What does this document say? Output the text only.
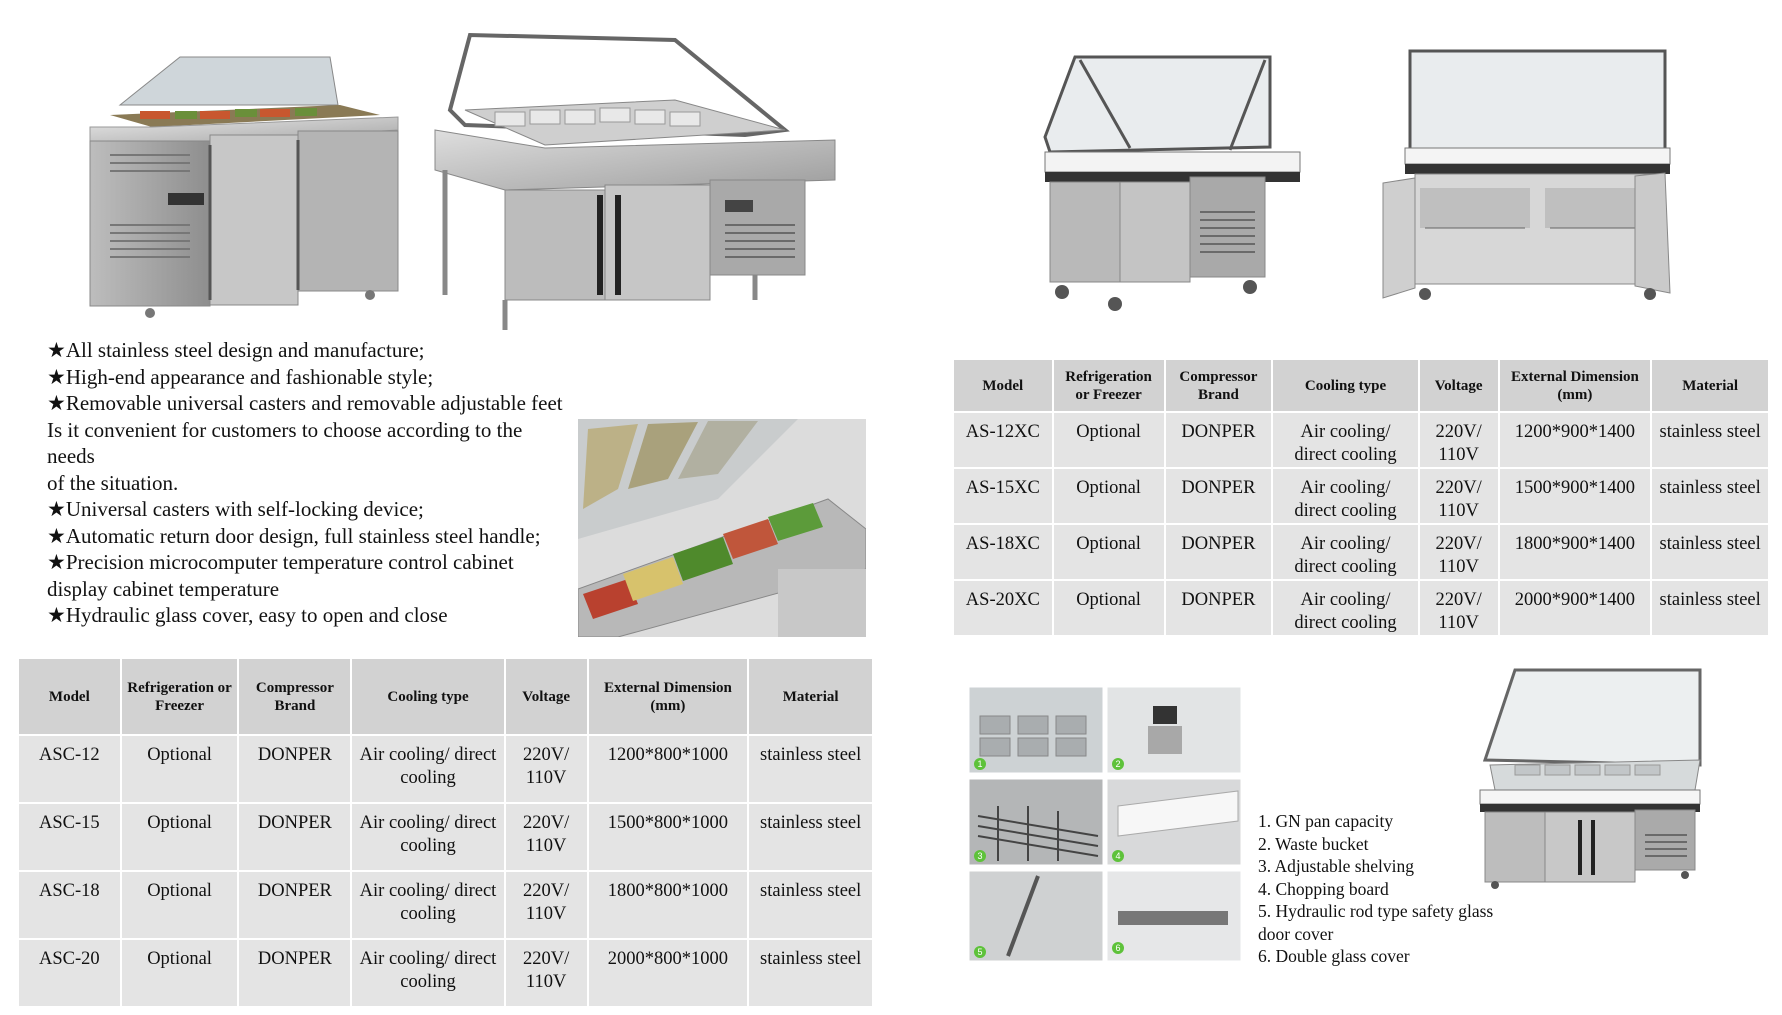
1	2
3	4
5	6
★All stainless steel design and manufacture;
★High-end appearance and fashionable style;
★Removable universal casters and removable adjustable feet
Is it convenient for customers to choose according to the needs
of the situation.
★Universal casters with self-locking device;
★Automatic return door design, full stainless steel handle;
★Precision microcomputer temperature control cabinet display cabinet temperature
★Hydraulic glass cover, easy to open and close
Model	Refrigeration or Freezer	Compressor Brand	Cooling type	Voltage	External Dimension (mm)	Material
ASC-12	Optional	DONPER	Air cooling/ direct cooling	220V/ 110V	1200*800*1000	stainless steel
ASC-15	Optional	DONPER	Air cooling/ direct cooling	220V/ 110V	1500*800*1000	stainless steel
ASC-18	Optional	DONPER	Air cooling/ direct cooling	220V/ 110V	1800*800*1000	stainless steel
ASC-20	Optional	DONPER	Air cooling/ direct cooling	220V/ 110V	2000*800*1000	stainless steel
Model	Refrigeration or Freezer	Compressor Brand	Cooling type	Voltage	External Dimension (mm)	Material
AS-12XC	Optional	DONPER	Air cooling/ direct cooling	220V/ 110V	1200*900*1400	stainless steel
AS-15XC	Optional	DONPER	Air cooling/ direct cooling	220V/ 110V	1500*900*1400	stainless steel
AS-18XC	Optional	DONPER	Air cooling/ direct cooling	220V/ 110V	1800*900*1400	stainless steel
AS-20XC	Optional	DONPER	Air cooling/ direct cooling	220V/ 110V	2000*900*1400	stainless steel
1. GN pan capacity
2. Waste bucket
3. Adjustable shelving
4. Chopping board
5. Hydraulic rod type safety glass door cover
6. Double glass cover
